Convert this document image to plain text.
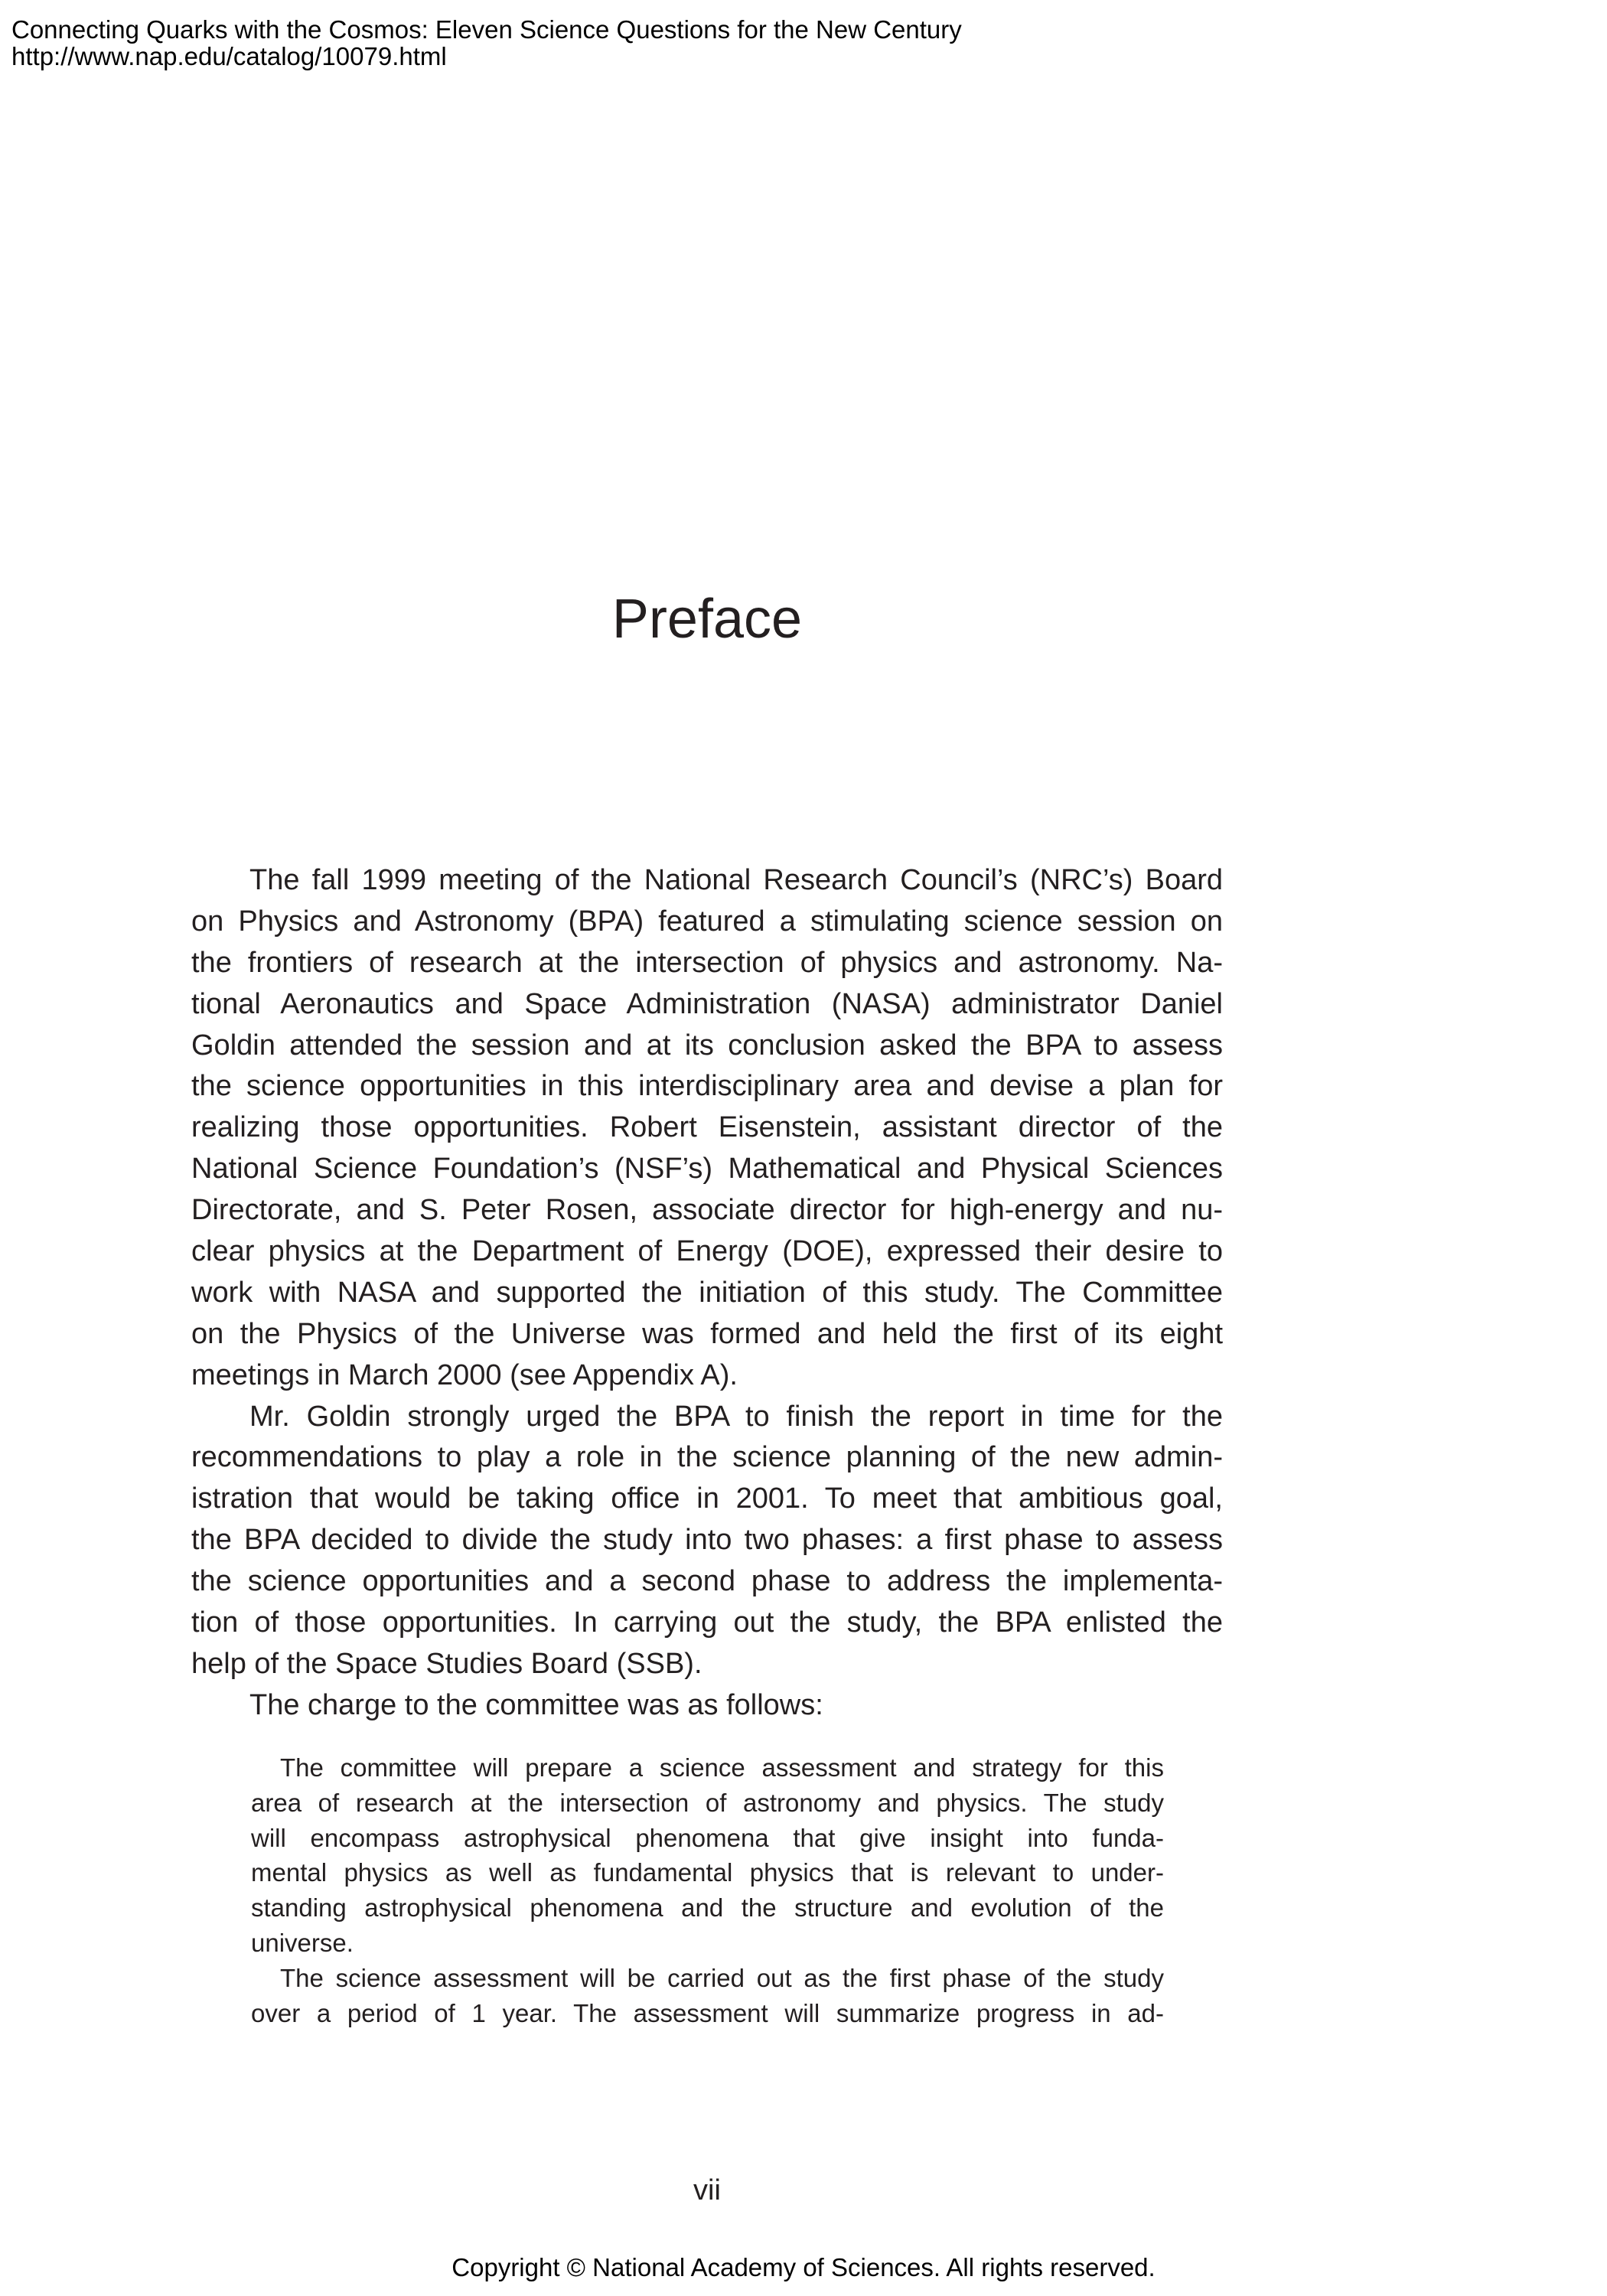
Connecting Quarks with the Cosmos: Eleven Science Questions for the New Century
http://www.nap.edu/catalog/10079.html
Preface
The fall 1999 meeting of the National Research Council’s (NRC’s) Board
on Physics and Astronomy (BPA) featured a stimulating science session on
the frontiers of research at the intersection of physics and astronomy. Na-
tional Aeronautics and Space Administration (NASA) administrator Daniel
Goldin attended the session and at its conclusion asked the BPA to assess
the science opportunities in this interdisciplinary area and devise a plan for
realizing those opportunities. Robert Eisenstein, assistant director of the
National Science Foundation’s (NSF’s) Mathematical and Physical Sciences
Directorate, and S. Peter Rosen, associate director for high-energy and nu-
clear physics at the Department of Energy (DOE), expressed their desire to
work with NASA and supported the initiation of this study. The Committee
on the Physics of the Universe was formed and held the first of its eight
meetings in March 2000 (see Appendix A).
Mr. Goldin strongly urged the BPA to finish the report in time for the
recommendations to play a role in the science planning of the new admin-
istration that would be taking office in 2001. To meet that ambitious goal,
the BPA decided to divide the study into two phases: a first phase to assess
the science opportunities and a second phase to address the implementa-
tion of those opportunities. In carrying out the study, the BPA enlisted the
help of the Space Studies Board (SSB).
The charge to the committee was as follows:
The committee will prepare a science assessment and strategy for this
area of research at the intersection of astronomy and physics. The study
will encompass astrophysical phenomena that give insight into funda-
mental physics as well as fundamental physics that is relevant to under-
standing astrophysical phenomena and the structure and evolution of the
universe.
The science assessment will be carried out as the first phase of the study
over a period of 1 year. The assessment will summarize progress in ad-
vii
Copyright © National Academy of Sciences. All rights reserved.
